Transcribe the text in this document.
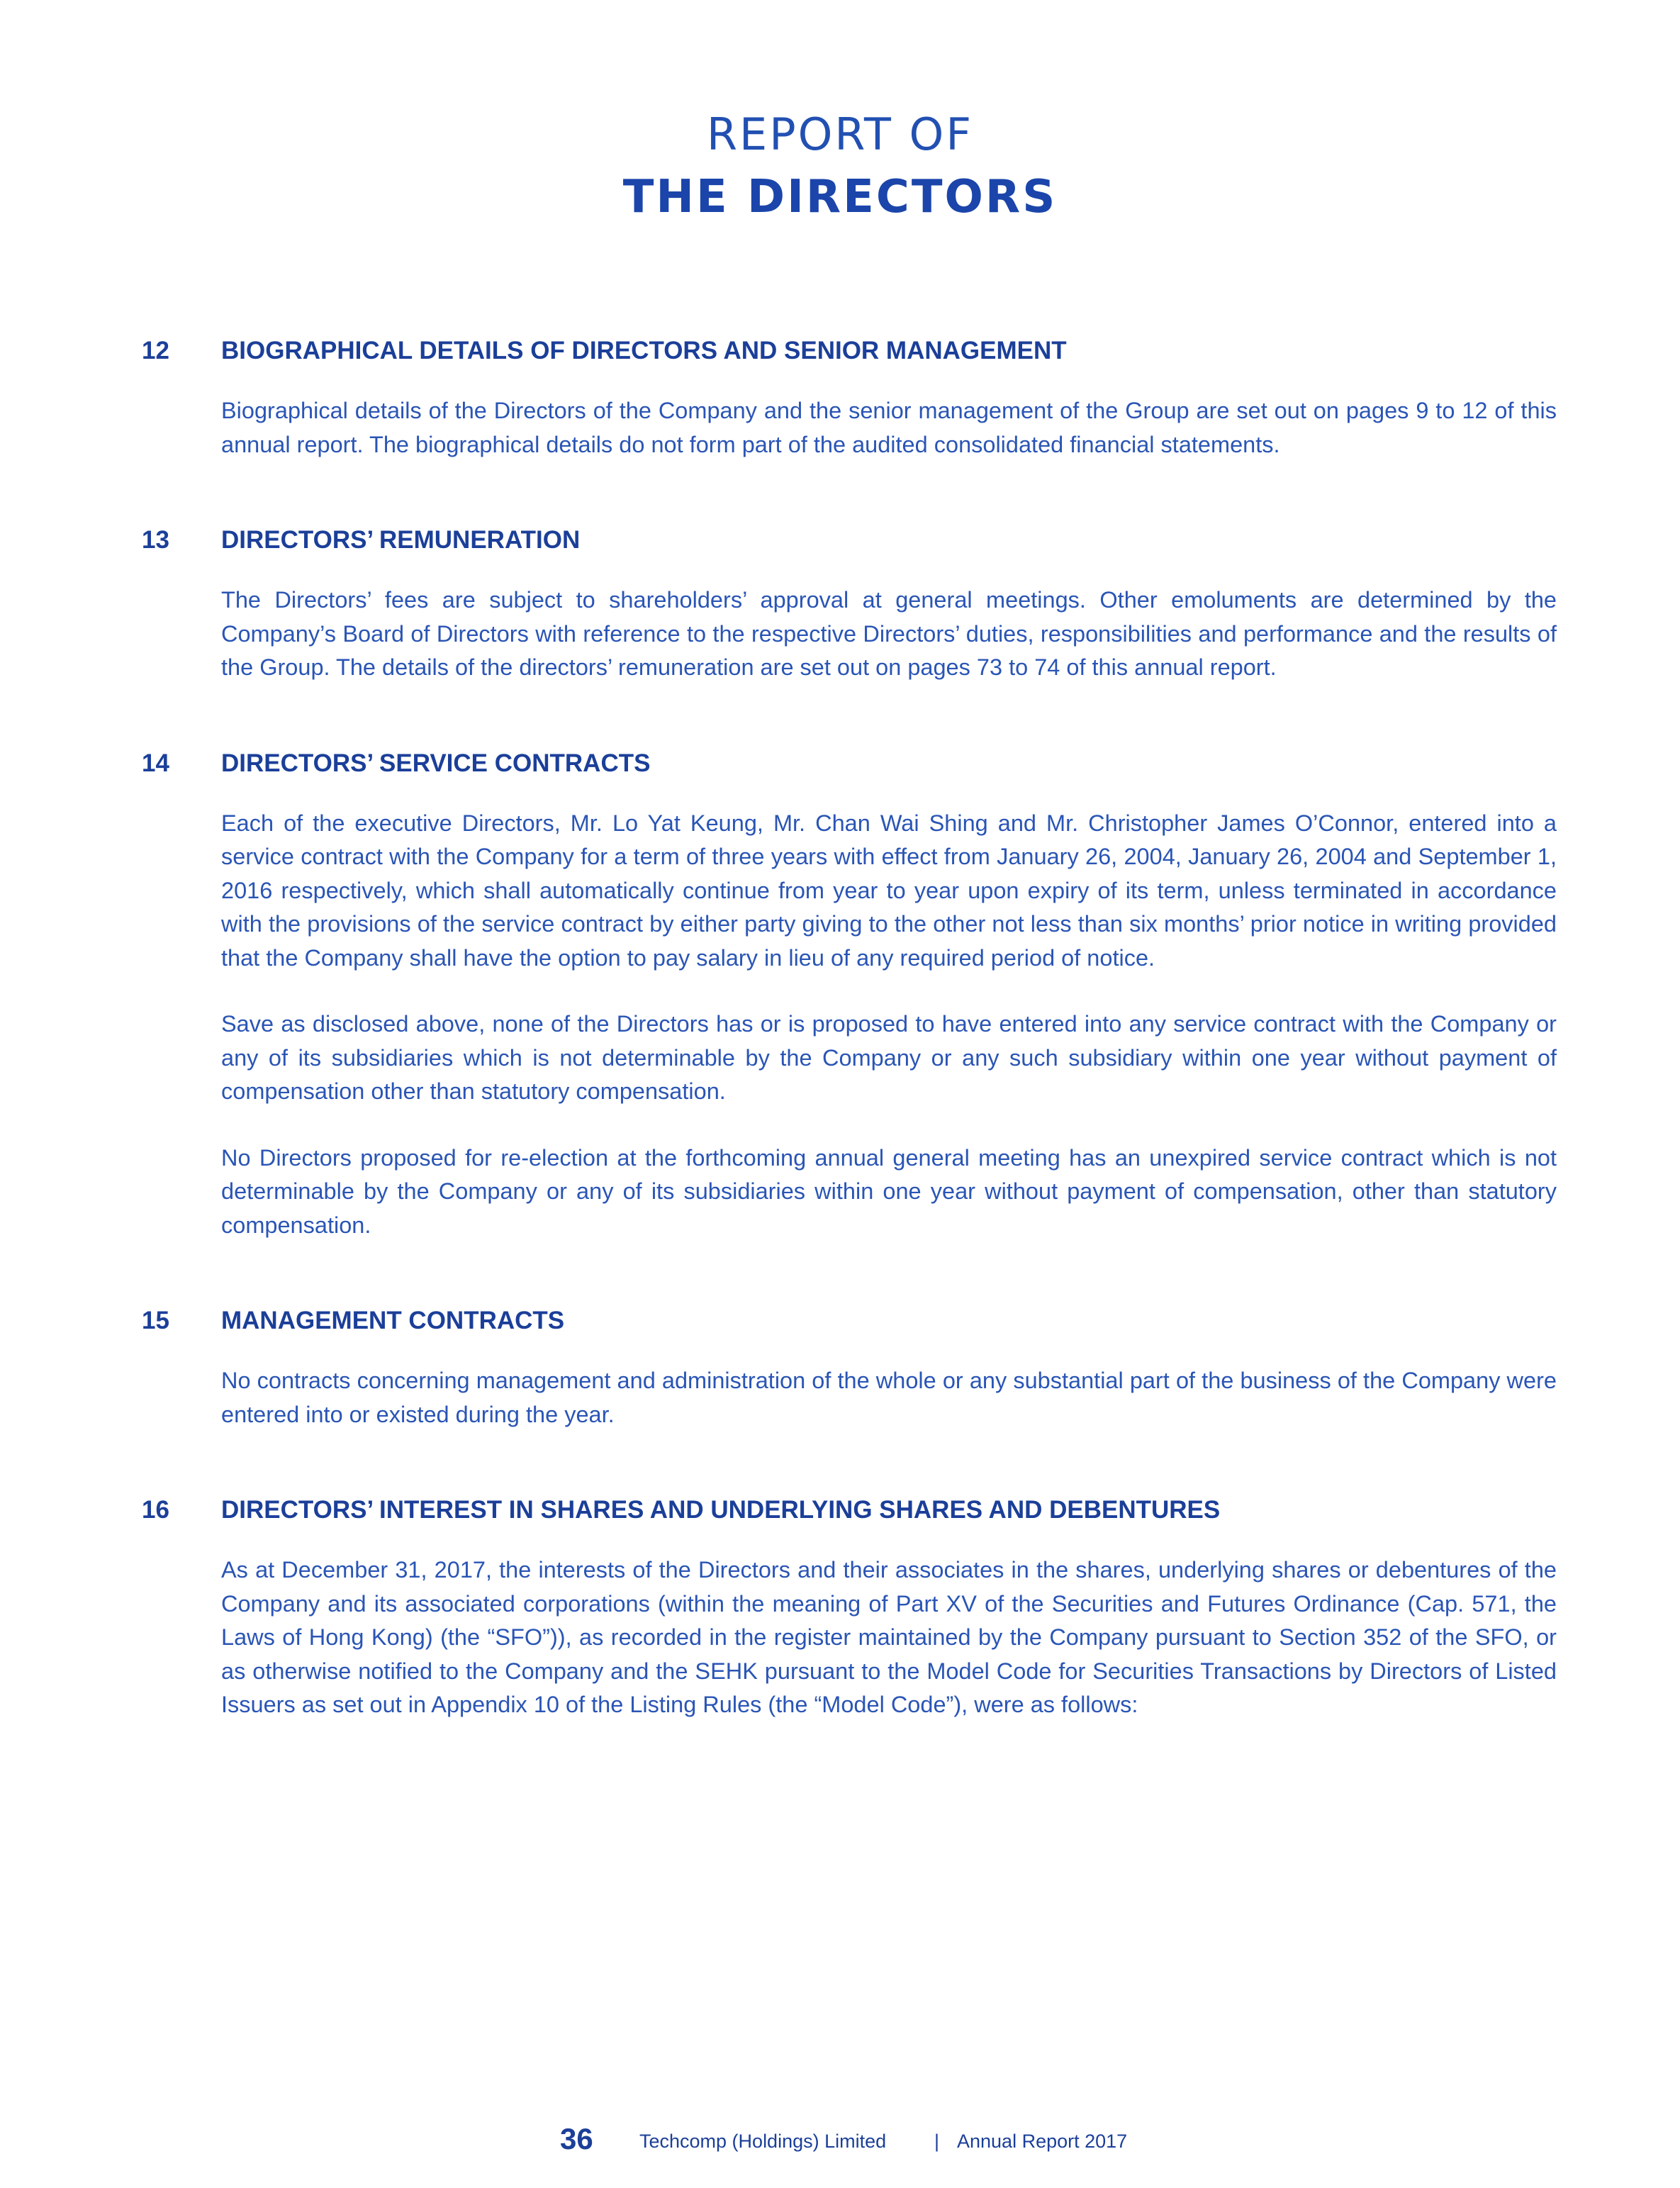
REPORT OF
THE DIRECTORS
12 BIOGRAPHICAL DETAILS OF DIRECTORS AND SENIOR MANAGEMENT

Biographical details of the Directors of the Company and the senior management of the Group are set out on pages 9 to 12 of this annual report. The biographical details do not form part of the audited consolidated financial statements.

13 DIRECTORS’ REMUNERATION

The Directors’ fees are subject to shareholders’ approval at general meetings. Other emoluments are determined by the Company’s Board of Directors with reference to the respective Directors’ duties, responsibilities and performance and the results of the Group. The details of the directors’ remuneration are set out on pages 73 to 74 of this annual report.

14 DIRECTORS’ SERVICE CONTRACTS

Each of the executive Directors, Mr. Lo Yat Keung, Mr. Chan Wai Shing and Mr. Christopher James O’Connor, entered into a service contract with the Company for a term of three years with effect from January 26, 2004, January 26, 2004 and September 1, 2016 respectively, which shall automatically continue from year to year upon expiry of its term, unless terminated in accordance with the provisions of the service contract by either party giving to the other not less than six months’ prior notice in writing provided that the Company shall have the option to pay salary in lieu of any required period of notice.

Save as disclosed above, none of the Directors has or is proposed to have entered into any service contract with the Company or any of its subsidiaries which is not determinable by the Company or any such subsidiary within one year without payment of compensation other than statutory compensation.

No Directors proposed for re-election at the forthcoming annual general meeting has an unexpired service contract which is not determinable by the Company or any of its subsidiaries within one year without payment of compensation, other than statutory compensation.

15 MANAGEMENT CONTRACTS

No contracts concerning management and administration of the whole or any substantial part of the business of the Company were entered into or existed during the year.

16 DIRECTORS’ INTEREST IN SHARES AND UNDERLYING SHARES AND DEBENTURES

As at December 31, 2017, the interests of the Directors and their associates in the shares, underlying shares or debentures of the Company and its associated corporations (within the meaning of Part XV of the Securities and Futures Ordinance (Cap. 571, the Laws of Hong Kong) (the “SFO”)), as recorded in the register maintained by the Company pursuant to Section 352 of the SFO, or as otherwise notified to the Company and the SEHK pursuant to the Model Code for Securities Transactions by Directors of Listed Issuers as set out in Appendix 10 of the Listing Rules (the “Model Code”), were as follows:

36 Techcomp (Holdings) Limited	| Annual Report 2017
